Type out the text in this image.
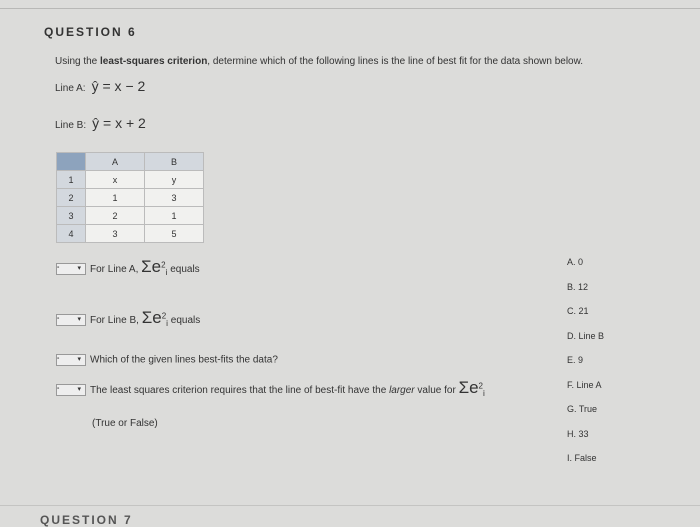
QUESTION 6
Using the least-squares criterion, determine which of the following lines is the line of best fit for the data shown below.
Line A: ŷ = x − 2
Line B: ŷ = x + 2
	A	B
1	x	y
2	1	3
3	2	1
4	3	5
-	▾ For Line A, $\Sigma e^2_i$ equals
-	▾ For Line B, $\Sigma e^2_i$ equals
-	▾ Which of the given lines best-fits the data?
-	▾ The least squares criterion requires that the line of best-fit have the larger value for $\Sigma e^2_i$
(True or False)
A. 0
B. 12
C. 21
D. Line B
E. 9
F. Line A
G. True
H. 33
I. False
QUESTION 7
